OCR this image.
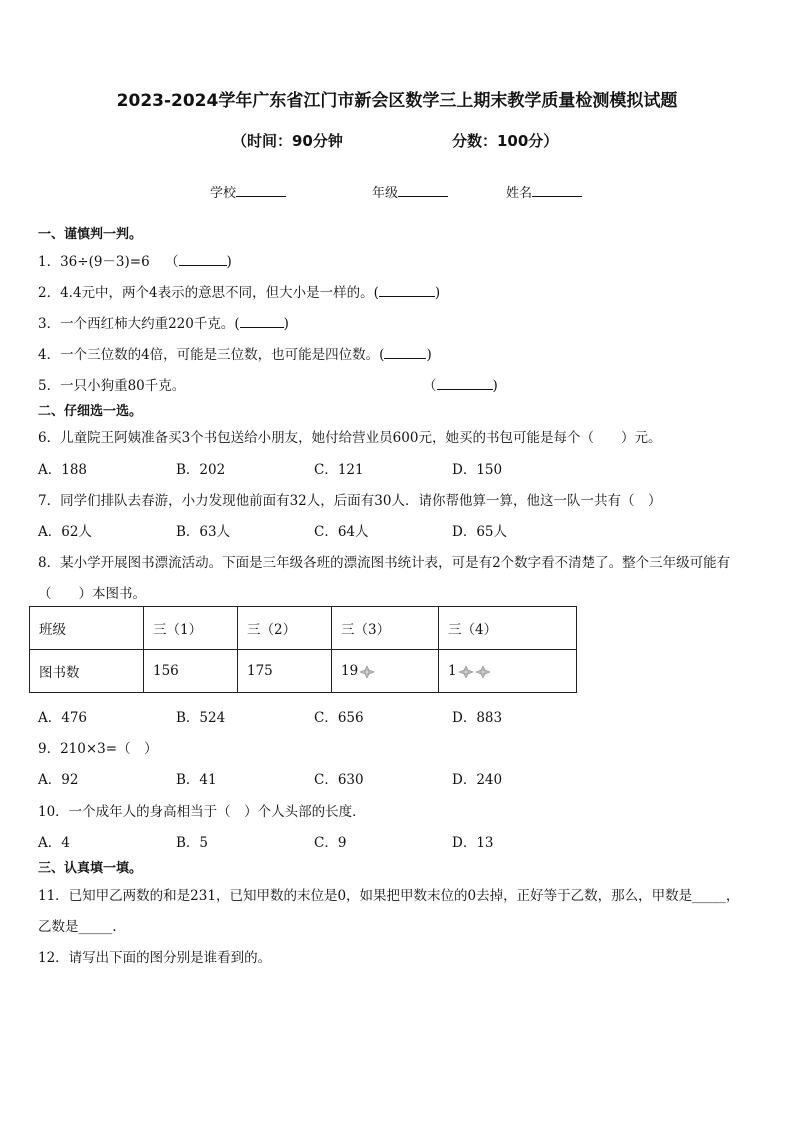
2023-2024学年广东省江门市新会区数学三上期末教学质量检测模拟试题
（时间：90分钟	分数：100分）
学校	年级	姓名
一、谨慎判一判。
1．36÷(9－3)=6 （	)
2．4.4元中，两个4表示的意思不同，但大小是一样的。(	)
3．一个西红柿大约重220千克。(	)
4．一个三位数的4倍，可能是三位数，也可能是四位数。(	)
5．一只小狗重80千克。	（	)
二、仔细选一选。
6．儿童院王阿姨准备买3个书包送给小朋友，她付给营业员600元，她买的书包可能是每个（　　）元。
A．188	B．202	C．121	D．150
7．同学们排队去春游，小力发现他前面有32人，后面有30人．请你帮他算一算，他这一队一共有（　）
A．62人	B．63人	C．64人	D．65人
8．某小学开展图书漂流活动。下面是三年级各班的漂流图书统计表，可是有2个数字看不清楚了。整个三年级可能有
（　　）本图书。
班级	三（1）	三（2）	三（3）	三（4）
图书数	156	175	19	1
A．476	B．524	C．656	D．883
9．210×3=（　）
A．92	B．41	C．630	D．240
10．一个成年人的身高相当于（　）个人头部的长度．
A．4	B．5	C．9	D．13
三、认真填一填。
11．已知甲乙两数的和是231，已知甲数的末位是0，如果把甲数末位的0去掉，正好等于乙数，那么，甲数是_____，
乙数是_____.
12．请写出下面的图分别是谁看到的。
